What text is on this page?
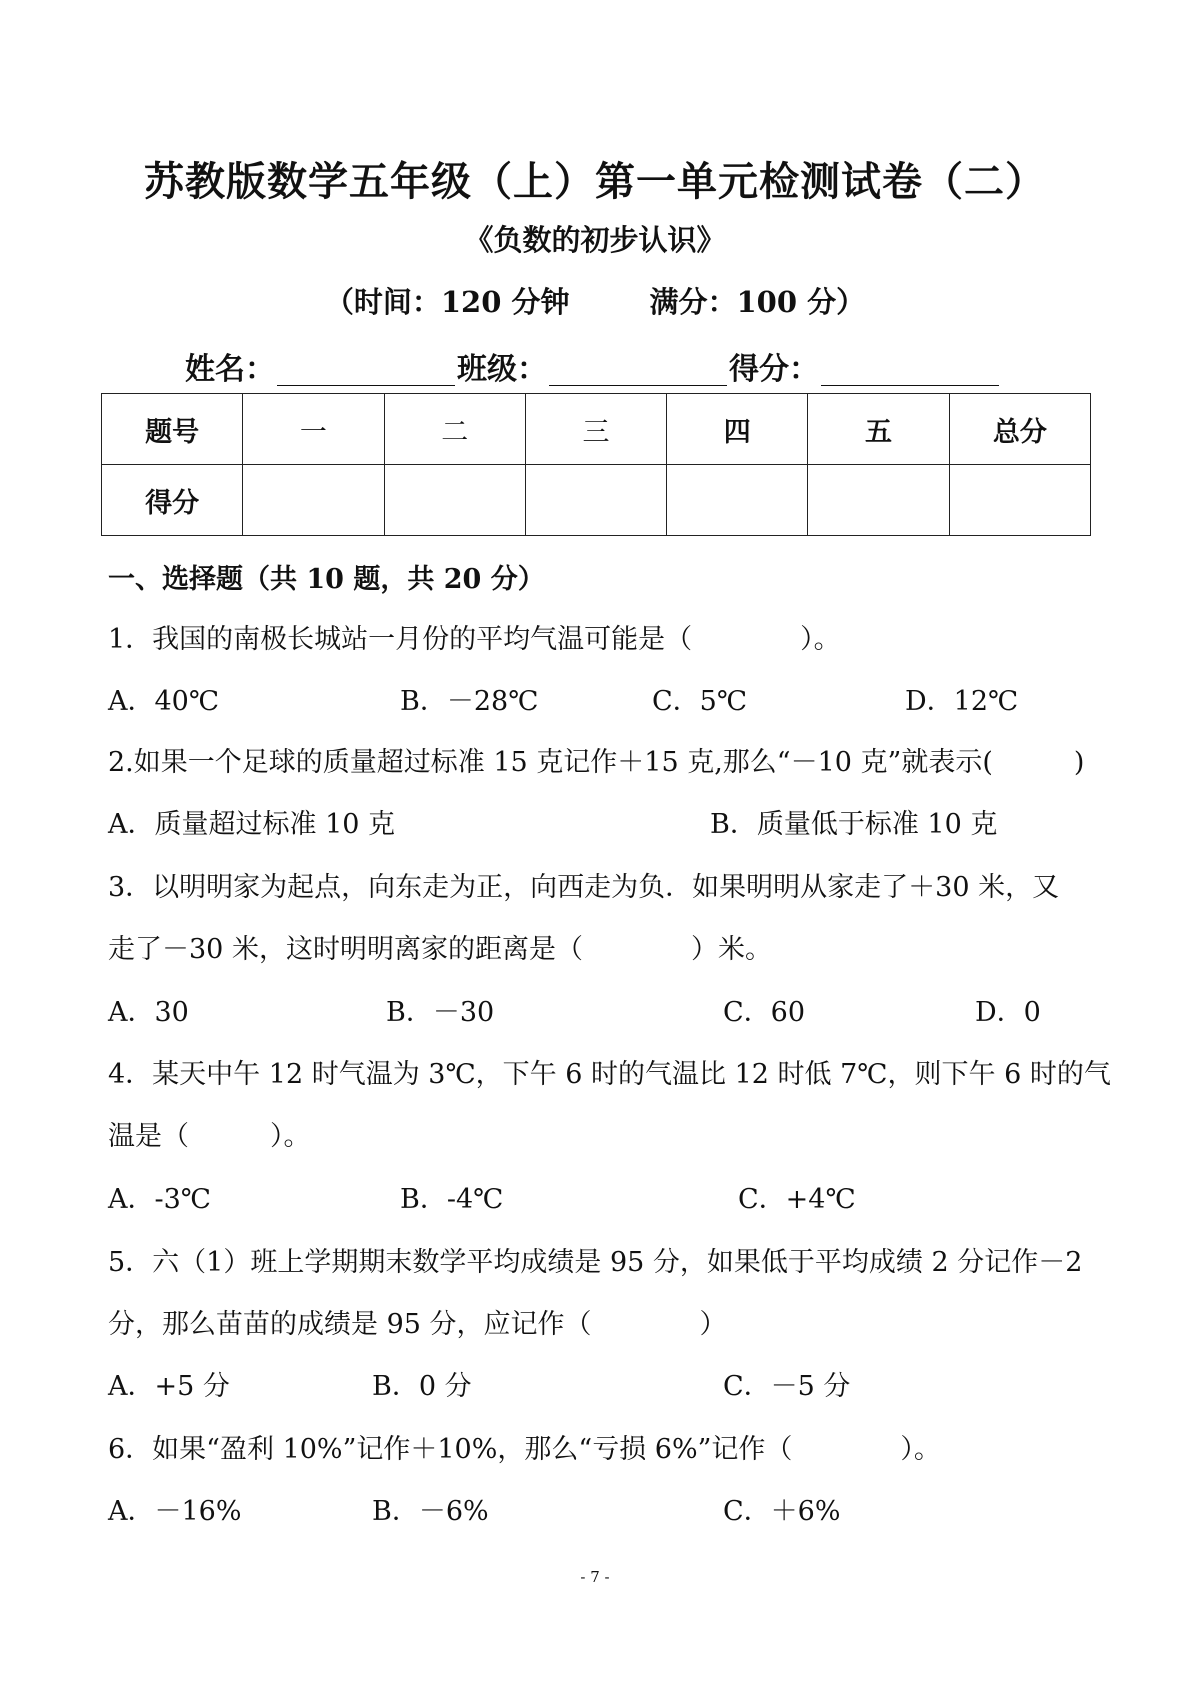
苏教版数学五年级（上）第一单元检测试卷（二）
《负数的初步认识》
（时间：120 分钟	满分：100 分）
姓名：	班级：	得分：
题号	一	二	三	四	五	总分
得分						
一、选择题（共 10 题，共 20 分）
1．我国的南极长城站一月份的平均气温可能是（　　　　）。
A．40℃	B．－28℃	C．5℃	D．12℃
2.如果一个足球的质量超过标准 15 克记作＋15 克,那么“－10 克”就表示(　　　)
A．质量超过标准 10 克	B．质量低于标准 10 克
3．以明明家为起点，向东走为正，向西走为负．如果明明从家走了＋30 米，又
走了－30 米，这时明明离家的距离是（　　　　）米。
A．30	B．－30	C．60	D．0
4．某天中午 12 时气温为 3℃，下午 6 时的气温比 12 时低 7℃，则下午 6 时的气
温是（　　　）。
A．-3℃	B．-4℃	C．+4℃
5．六（1）班上学期期末数学平均成绩是 95 分，如果低于平均成绩 2 分记作－2
分，那么苗苗的成绩是 95 分，应记作（　　　　）
A．+5 分	B．0 分	C．－5 分
6．如果“盈利 10%”记作＋10%，那么“亏损 6%”记作（　　　　）。
A．－16%	B．－6%	C．＋6%
- 7 -
